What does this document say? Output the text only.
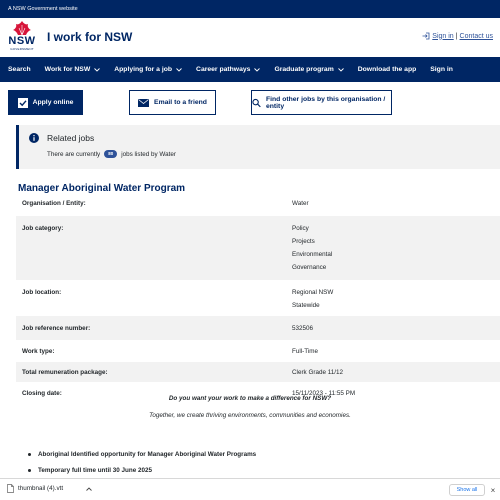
A NSW Government website
NSW
GOVERNMENT
I work for NSW	Sign in | Contact us
Search Work for NSW	Applying for a job	Career pathways	Graduate program	Download the app Sign in
Apply online	Email to a friend	Find other jobs by this organisation / entity
Related jobs
There are currently	80	jobs listed by Water
Manager Aboriginal Water Program
Organisation / Entity:	Water
Job category:	Policy
Projects
Environmental
Governance
Job location:	Regional NSW
Statewide
Job reference number:	532506
Work type:	Full-Time
Total remuneration package:	Clerk Grade 11/12
Closing date:	15/11/2023 - 11:55 PM
Do you want your work to make a difference for NSW?
Together, we create thriving environments, communities and economies.
Aboriginal Identified opportunity for Manager Aboriginal Water Programs
Temporary full time until 30 June 2025
thumbnail (4).vtt	Show all	×
